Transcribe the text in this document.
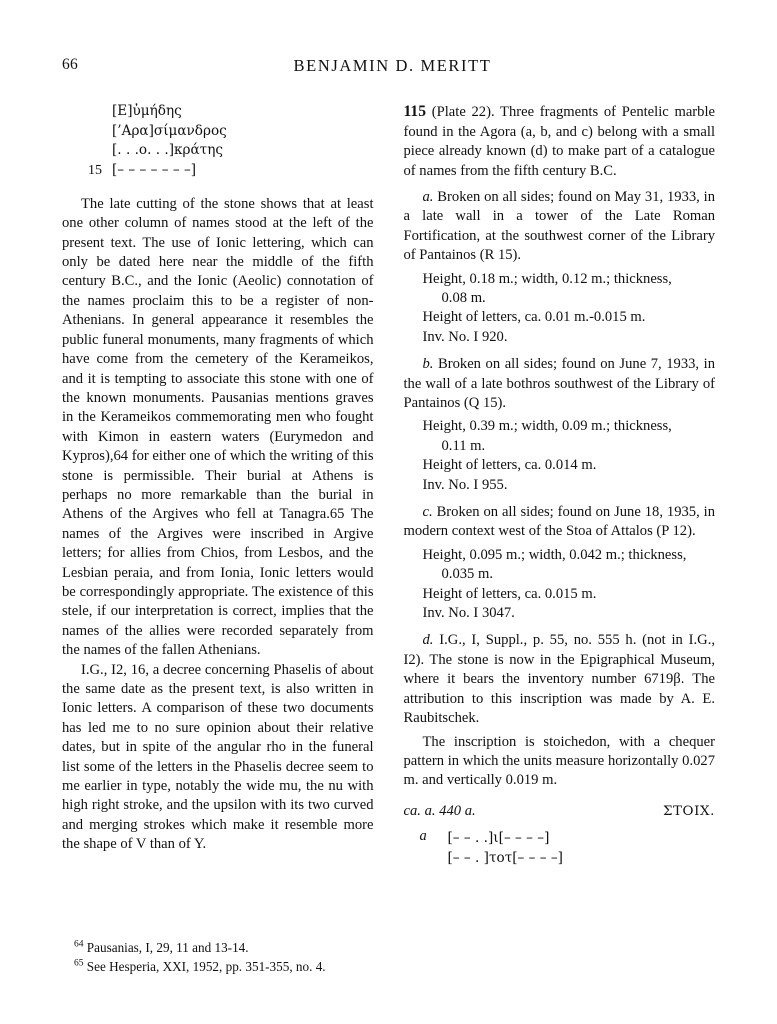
66	BENJAMIN D. MERITT
[Ε]ὐμήδης
[’Αρα]σίμανδρος
[. . .ο. . .]κράτης
15 [– – – – – – –]

The late cutting of the stone shows that at least one other column of names stood at the left of the present text. The use of Ionic lettering, which can only be dated here near the middle of the fifth century B.C., and the Ionic (Aeolic) connotation of the names proclaim this to be a register of non-Athenians. In general appearance it resembles the public funeral monuments, many fragments of which have come from the cemetery of the Kerameikos, and it is tempting to associate this stone with one of the known monuments. Pausanias mentions graves in the Kerameikos commemorating men who fought with Kimon in eastern waters (Eurymedon and Kypros),64 for either one of which the writing of this stone is permissible. Their burial at Athens is perhaps no more remarkable than the burial in Athens of the Argives who fell at Tanagra.65 The names of the Argives were inscribed in Argive letters; for allies from Chios, from Lesbos, and the Lesbian peraia, and from Ionia, Ionic letters would be correspondingly appropriate. The existence of this stele, if our interpretation is correct, implies that the names of the allies were recorded separately from the names of the fallen Athenians.

I.G., I2, 16, a decree concerning Phaselis of about the same date as the present text, is also written in Ionic letters. A comparison of these two documents has led me to no sure opinion about their relative dates, but in spite of the angular rho in the funeral list some of the letters in the Phaselis decree seem to me earlier in type, notably the wide mu, the nu with high right stroke, and the upsilon with its two curved and merging strokes which make it resemble more the shape of V than of Y.

115 (Plate 22). Three fragments of Pentelic marble found in the Agora (a, b, and c) belong with a small piece already known (d) to make part of a catalogue of names from the fifth century B.C.

a. Broken on all sides; found on May 31, 1933, in a late wall in a tower of the Late Roman Fortification, at the southwest corner of the Library of Pantainos (R 15).

Height, 0.18 m.; width, 0.12 m.; thickness,
0.08 m.
Height of letters, ca. 0.01 m.-0.015 m.
Inv. No. I 920.

b. Broken on all sides; found on June 7, 1933, in the wall of a late bothros southwest of the Library of Pantainos (Q 15).

Height, 0.39 m.; width, 0.09 m.; thickness,
0.11 m.
Height of letters, ca. 0.014 m.
Inv. No. I 955.

c. Broken on all sides; found on June 18, 1935, in modern context west of the Stoa of Attalos (P 12).

Height, 0.095 m.; width, 0.042 m.; thickness,
0.035 m.
Height of letters, ca. 0.015 m.
Inv. No. I 3047.

d. I.G., I, Suppl., p. 55, no. 555 h. (not in I.G., I2). The stone is now in the Epigraphical Museum, where it bears the inventory number 6719β. The attribution to this inscription was made by A. E. Raubitschek.

The inscription is stoichedon, with a chequer pattern in which the units measure horizontally 0.027 m. and vertically 0.019 m.

ca. a. 440 a.	ΣΤΟΙΧ.
a	[– – . .]ι[– – – –]
[– – . ]τοτ[– – – –]
$^{64}$ Pausanias, I, 29, 11 and 13-14.
$^{65}$ See Hesperia, XXI, 1952, pp. 351-355, no. 4.
